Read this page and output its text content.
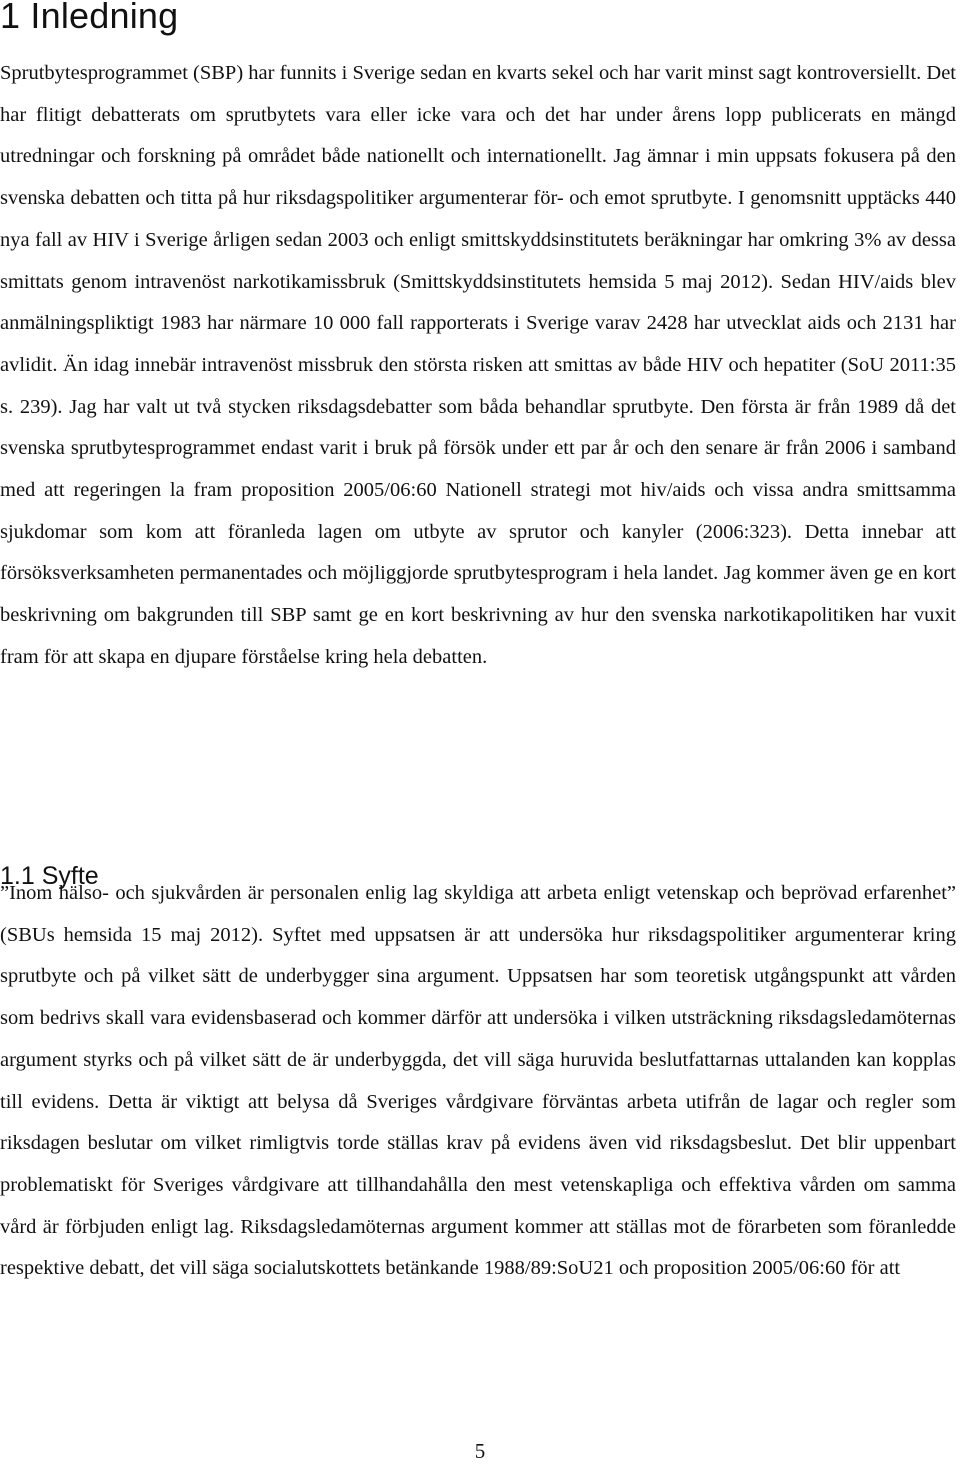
1 Inledning

Sprutbytesprogrammet (SBP) har funnits i Sverige sedan en kvarts sekel och har varit minst sagt kontroversiellt. Det har flitigt debatterats om sprutbytets vara eller icke vara och det har under årens lopp publicerats en mängd utredningar och forskning på området både nationellt och internationellt. Jag ämnar i min uppsats fokusera på den svenska debatten och titta på hur riksdagspolitiker argumenterar för- och emot sprutbyte. I genomsnitt upptäcks 440 nya fall av HIV i Sverige årligen sedan 2003 och enligt smittskyddsinstitutets beräkningar har omkring 3% av dessa smittats genom intravenöst narkotikamissbruk (Smittskyddsinstitutets hemsida 5 maj 2012). Sedan HIV/aids blev anmälningspliktigt 1983 har närmare 10 000 fall rapporterats i Sverige varav 2428 har utvecklat aids och 2131 har avlidit. Än idag innebär intravenöst missbruk den största risken att smittas av både HIV och hepatiter (SoU 2011:35 s. 239). Jag har valt ut två stycken riksdagsdebatter som båda behandlar sprutbyte. Den första är från 1989 då det svenska sprutbytesprogrammet endast varit i bruk på försök under ett par år och den senare är från 2006 i samband med att regeringen la fram proposition 2005/06:60 Nationell strategi mot hiv/aids och vissa andra smittsamma sjukdomar som kom att föranleda lagen om utbyte av sprutor och kanyler (2006:323). Detta innebar att försöksverksamheten permanentades och möjliggjorde sprutbytesprogram i hela landet. Jag kommer även ge en kort beskrivning om bakgrunden till SBP samt ge en kort beskrivning av hur den svenska narkotikapolitiken har vuxit fram för att skapa en djupare förståelse kring hela debatten.

1.1 Syfte

”Inom hälso- och sjukvården är personalen enlig lag skyldiga att arbeta enligt vetenskap och beprövad erfarenhet” (SBUs hemsida 15 maj 2012). Syftet med uppsatsen är att undersöka hur riksdagspolitiker argumenterar kring sprutbyte och på vilket sätt de underbygger sina argument. Uppsatsen har som teoretisk utgångspunkt att vården som bedrivs skall vara evidensbaserad och kommer därför att undersöka i vilken utsträckning riksdagsledamöternas argument styrks och på vilket sätt de är underbyggda, det vill säga huruvida beslutfattarnas uttalanden kan kopplas till evidens. Detta är viktigt att belysa då Sveriges vårdgivare förväntas arbeta utifrån de lagar och regler som riksdagen beslutar om vilket rimligtvis torde ställas krav på evidens även vid riksdagsbeslut. Det blir uppenbart problematiskt för Sveriges vårdgivare att tillhandahålla den mest vetenskapliga och effektiva vården om samma vård är förbjuden enligt lag. Riksdagsledamöternas argument kommer att ställas mot de förarbeten som föranledde respektive debatt, det vill säga socialutskottets betänkande 1988/89:SoU21 och proposition 2005/06:60 för att

5
